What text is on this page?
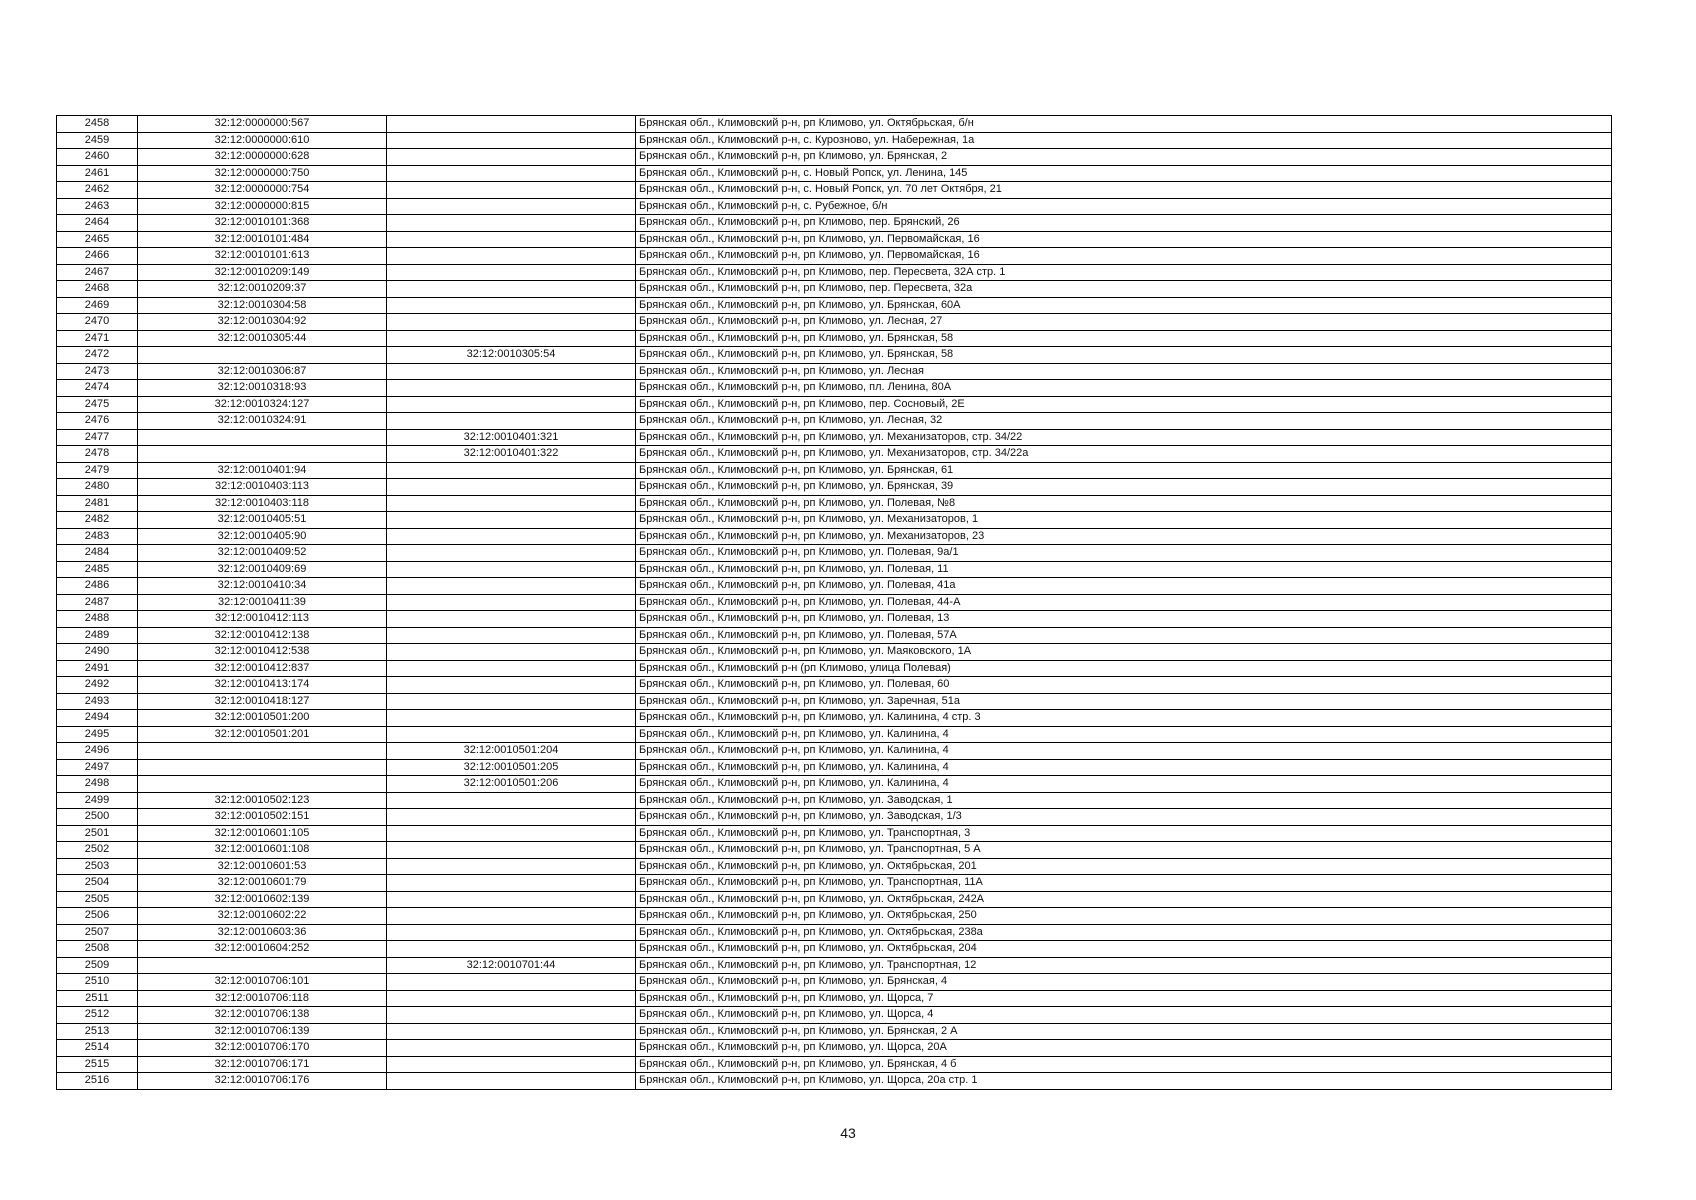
2458	32:12:0000000:567		Брянская обл., Климовский р-н, рп Климово, ул. Октябрьская, б/н
2459	32:12:0000000:610		Брянская обл., Климовский р-н, с. Курозново, ул. Набережная, 1а
2460	32:12:0000000:628		Брянская обл., Климовский р-н, рп Климово, ул. Брянская, 2
2461	32:12:0000000:750		Брянская обл., Климовский р-н, с. Новый Ропск, ул. Ленина, 145
2462	32:12:0000000:754		Брянская обл., Климовский р-н, с. Новый Ропск, ул. 70 лет Октября, 21
2463	32:12:0000000:815		Брянская обл., Климовский р-н, с. Рубежное, б/н
2464	32:12:0010101:368		Брянская обл., Климовский р-н, рп Климово, пер. Брянский, 26
2465	32:12:0010101:484		Брянская обл., Климовский р-н, рп Климово, ул. Первомайская, 16
2466	32:12:0010101:613		Брянская обл., Климовский р-н, рп Климово, ул. Первомайская, 16
2467	32:12:0010209:149		Брянская обл., Климовский р-н, рп Климово, пер. Пересвета, 32А стр. 1
2468	32:12:0010209:37		Брянская обл., Климовский р-н, рп Климово, пер. Пересвета, 32а
2469	32:12:0010304:58		Брянская обл., Климовский р-н, рп Климово, ул. Брянская, 60А
2470	32:12:0010304:92		Брянская обл., Климовский р-н, рп Климово, ул. Лесная, 27
2471	32:12:0010305:44		Брянская обл., Климовский р-н, рп Климово, ул. Брянская, 58
2472		32:12:0010305:54	Брянская обл., Климовский р-н, рп Климово, ул. Брянская, 58
2473	32:12:0010306:87		Брянская обл., Климовский р-н, рп Климово, ул. Лесная
2474	32:12:0010318:93		Брянская обл., Климовский р-н, рп Климово, пл. Ленина, 80А
2475	32:12:0010324:127		Брянская обл., Климовский р-н, рп Климово, пер. Сосновый, 2Е
2476	32:12:0010324:91		Брянская обл., Климовский р-н, рп Климово, ул. Лесная, 32
2477		32:12:0010401:321	Брянская обл., Климовский р-н, рп Климово, ул. Механизаторов, стр. 34/22
2478		32:12:0010401:322	Брянская обл., Климовский р-н, рп Климово, ул. Механизаторов, стр. 34/22а
2479	32:12:0010401:94		Брянская обл., Климовский р-н, рп Климово, ул. Брянская, 61
2480	32:12:0010403:113		Брянская обл., Климовский р-н, рп Климово, ул. Брянская, 39
2481	32:12:0010403:118		Брянская обл., Климовский р-н, рп Климово, ул. Полевая, №8
2482	32:12:0010405:51		Брянская обл., Климовский р-н, рп Климово, ул. Механизаторов, 1
2483	32:12:0010405:90		Брянская обл., Климовский р-н, рп Климово, ул. Механизаторов, 23
2484	32:12:0010409:52		Брянская обл., Климовский р-н, рп Климово, ул. Полевая, 9а/1
2485	32:12:0010409:69		Брянская обл., Климовский р-н, рп Климово, ул. Полевая, 11
2486	32:12:0010410:34		Брянская обл., Климовский р-н, рп Климово, ул. Полевая, 41а
2487	32:12:0010411:39		Брянская обл., Климовский р-н, рп Климово, ул. Полевая, 44-А
2488	32:12:0010412:113		Брянская обл., Климовский р-н, рп Климово, ул. Полевая, 13
2489	32:12:0010412:138		Брянская обл., Климовский р-н, рп Климово, ул. Полевая, 57А
2490	32:12:0010412:538		Брянская обл., Климовский р-н, рп Климово, ул. Маяковского, 1А
2491	32:12:0010412:837		Брянская обл., Климовский р-н (рп Климово, улица Полевая)
2492	32:12:0010413:174		Брянская обл., Климовский р-н, рп Климово, ул. Полевая, 60
2493	32:12:0010418:127		Брянская обл., Климовский р-н, рп Климово, ул. Заречная, 51а
2494	32:12:0010501:200		Брянская обл., Климовский р-н, рп Климово, ул. Калинина, 4 стр. 3
2495	32:12:0010501:201		Брянская обл., Климовский р-н, рп Климово, ул. Калинина, 4
2496		32:12:0010501:204	Брянская обл., Климовский р-н, рп Климово, ул. Калинина, 4
2497		32:12:0010501:205	Брянская обл., Климовский р-н, рп Климово, ул. Калинина, 4
2498		32:12:0010501:206	Брянская обл., Климовский р-н, рп Климово, ул. Калинина, 4
2499	32:12:0010502:123		Брянская обл., Климовский р-н, рп Климово, ул. Заводская, 1
2500	32:12:0010502:151		Брянская обл., Климовский р-н, рп Климово, ул. Заводская, 1/3
2501	32:12:0010601:105		Брянская обл., Климовский р-н, рп Климово, ул. Транспортная, 3
2502	32:12:0010601:108		Брянская обл., Климовский р-н, рп Климово, ул. Транспортная, 5 А
2503	32:12:0010601:53		Брянская обл., Климовский р-н, рп Климово, ул. Октябрьская, 201
2504	32:12:0010601:79		Брянская обл., Климовский р-н, рп Климово, ул. Транспортная, 11А
2505	32:12:0010602:139		Брянская обл., Климовский р-н, рп Климово, ул. Октябрьская, 242А
2506	32:12:0010602:22		Брянская обл., Климовский р-н, рп Климово, ул. Октябрьская, 250
2507	32:12:0010603:36		Брянская обл., Климовский р-н, рп Климово, ул. Октябрьская, 238а
2508	32:12:0010604:252		Брянская обл., Климовский р-н, рп Климово, ул. Октябрьская, 204
2509		32:12:0010701:44	Брянская обл., Климовский р-н, рп Климово, ул. Транспортная, 12
2510	32:12:0010706:101		Брянская обл., Климовский р-н, рп Климово, ул. Брянская, 4
2511	32:12:0010706:118		Брянская обл., Климовский р-н, рп Климово, ул. Щорса, 7
2512	32:12:0010706:138		Брянская обл., Климовский р-н, рп Климово, ул. Щорса, 4
2513	32:12:0010706:139		Брянская обл., Климовский р-н, рп Климово, ул. Брянская, 2 А
2514	32:12:0010706:170		Брянская обл., Климовский р-н, рп Климово, ул. Щорса, 20А
2515	32:12:0010706:171		Брянская обл., Климовский р-н, рп Климово, ул. Брянская, 4 б
2516	32:12:0010706:176		Брянская обл., Климовский р-н, рп Климово, ул. Щорса, 20а стр. 1
43
